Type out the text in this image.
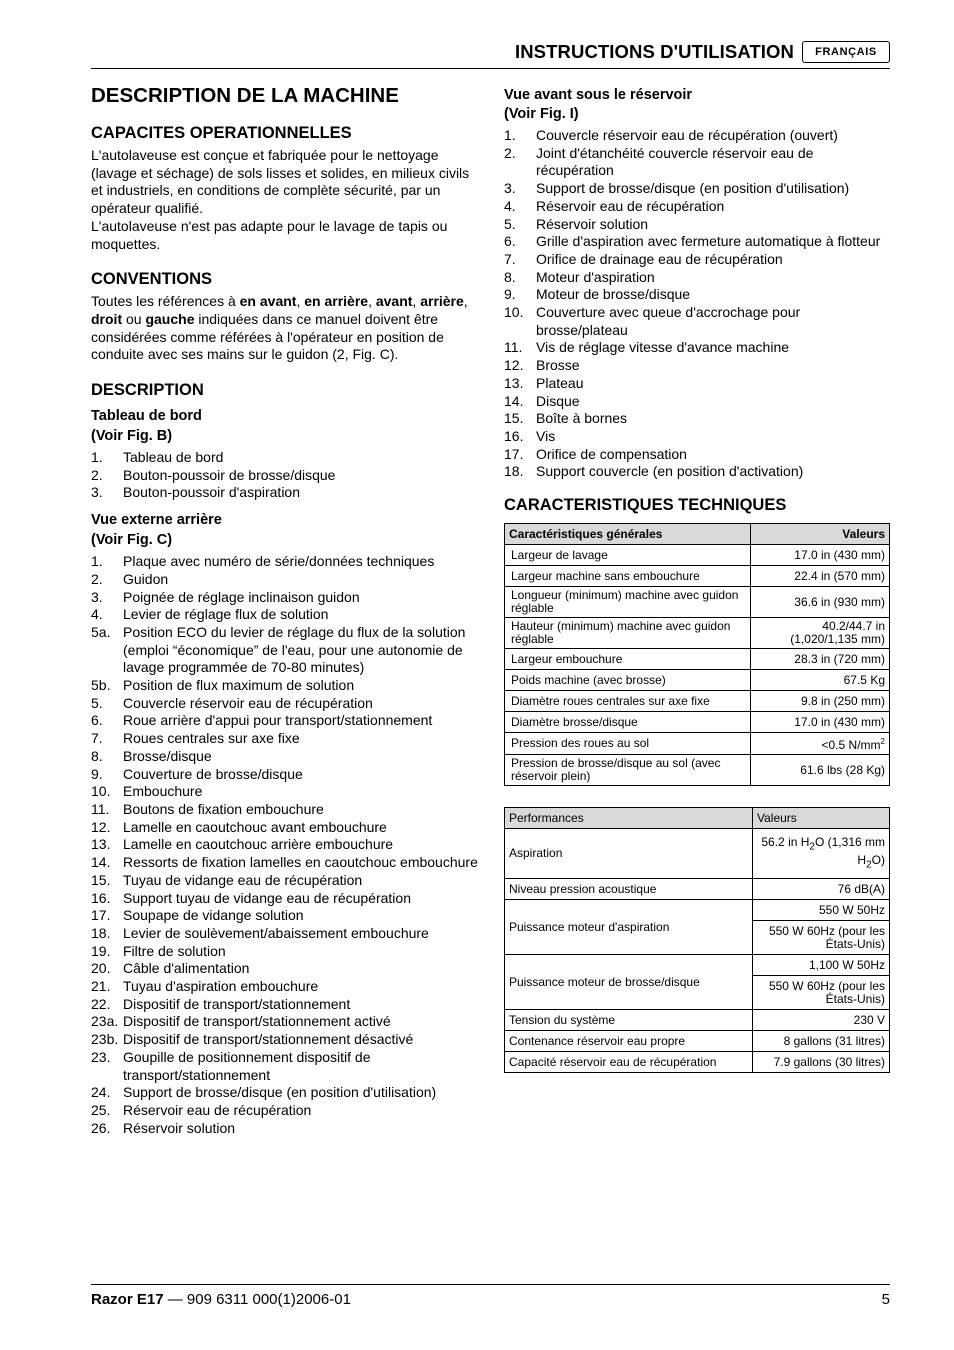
INSTRUCTIONS D'UTILISATION	FRANÇAIS
DESCRIPTION DE LA MACHINE
CAPACITES OPERATIONNELLES

L'autolaveuse est conçue et fabriquée pour le nettoyage (lavage et séchage) de sols lisses et solides, en milieux civils et industriels, en conditions de complète sécurité, par un opérateur qualifié.

L'autolaveuse n'est pas adapte pour le lavage de tapis ou moquettes.

CONVENTIONS

Toutes les références à en avant, en arrière, avant, arrière, droit ou gauche indiquées dans ce manuel doivent être considérées comme référées à l'opérateur en position de conduite avec ses mains sur le guidon (2, Fig. C).

DESCRIPTION
Tableau de bord
(Voir Fig. B)
1.	Tableau de bord
2.	Bouton-poussoir de brosse/disque
3.	Bouton-poussoir d'aspiration
Vue externe arrière
(Voir Fig. C)
1.	Plaque avec numéro de série/données techniques
2.	Guidon
3.	Poignée de réglage inclinaison guidon
4.	Levier de réglage flux de solution
5a. Position ECO du levier de réglage du flux de la solution (emploi “économique” de l'eau, pour une autonomie de lavage programmée de 70-80 minutes)
5b. Position de flux maximum de solution
5.	Couvercle réservoir eau de récupération
6.	Roue arrière d'appui pour transport/stationnement
7.	Roues centrales sur axe fixe
8.	Brosse/disque
9.	Couverture de brosse/disque
10. Embouchure
11. Boutons de fixation embouchure
12. Lamelle en caoutchouc avant embouchure
13. Lamelle en caoutchouc arrière embouchure
14. Ressorts de fixation lamelles en caoutchouc embouchure
15. Tuyau de vidange eau de récupération
16. Support tuyau de vidange eau de récupération
17. Soupape de vidange solution
18. Levier de soulèvement/abaissement embouchure
19. Filtre de solution
20. Câble d'alimentation
21. Tuyau d'aspiration embouchure
22. Dispositif de transport/stationnement
23a. Dispositif de transport/stationnement activé
23b. Dispositif de transport/stationnement désactivé
23. Goupille de positionnement dispositif de transport/stationnement
24. Support de brosse/disque (en position d'utilisation)
25. Réservoir eau de récupération
26. Réservoir solution
Vue avant sous le réservoir
(Voir Fig. I)
1.	Couvercle réservoir eau de récupération (ouvert)
2.	Joint d'étanchéité couvercle réservoir eau de récupération
3.	Support de brosse/disque (en position d'utilisation)
4.	Réservoir eau de récupération
5.	Réservoir solution
6.	Grille d'aspiration avec fermeture automatique à flotteur
7.	Orifice de drainage eau de récupération
8.	Moteur d'aspiration
9.	Moteur de brosse/disque
10. Couverture avec queue d'accrochage pour brosse/plateau
11. Vis de réglage vitesse d'avance machine
12. Brosse
13. Plateau
14. Disque
15. Boîte à bornes
16. Vis
17. Orifice de compensation
18. Support couvercle (en position d'activation)
CARACTERISTIQUES TECHNIQUES
Caractéristiques générales	Valeurs
Largeur de lavage	17.0 in (430 mm)
Largeur machine sans embouchure	22.4 in (570 mm)
Longueur (minimum) machine avec guidon réglable	36.6 in (930 mm)
Hauteur (minimum) machine avec guidon réglable	40.2/44.7 in (1,020/1,135 mm)
Largeur embouchure	28.3 in (720 mm)
Poids machine (avec brosse)	67.5 Kg
Diamètre roues centrales sur axe fixe	9.8 in (250 mm)
Diamètre brosse/disque	17.0 in (430 mm)
Pression des roues au sol	<0.5 $N/mm^2$
Pression de brosse/disque au sol (avec réservoir plein)	61.6 lbs (28 Kg)
Performances	Valeurs
Aspiration	56.2 in $H_2O$ (1,316 mm $H_2O$)
Niveau pression acoustique	76 dB(A)
Puissance moteur d'aspiration	550 W 50Hz
	550 W 60Hz (pour les États-Unis)
Puissance moteur de brosse/disque	1,100 W 50Hz
	550 W 60Hz (pour les États-Unis)
Tension du système	230 V
Contenance réservoir eau propre	8 gallons (31 litres)
Capacité réservoir eau de récupération	7.9 gallons (30 litres)
Razor E17 — 909 6311 000(1)2006-01	5
